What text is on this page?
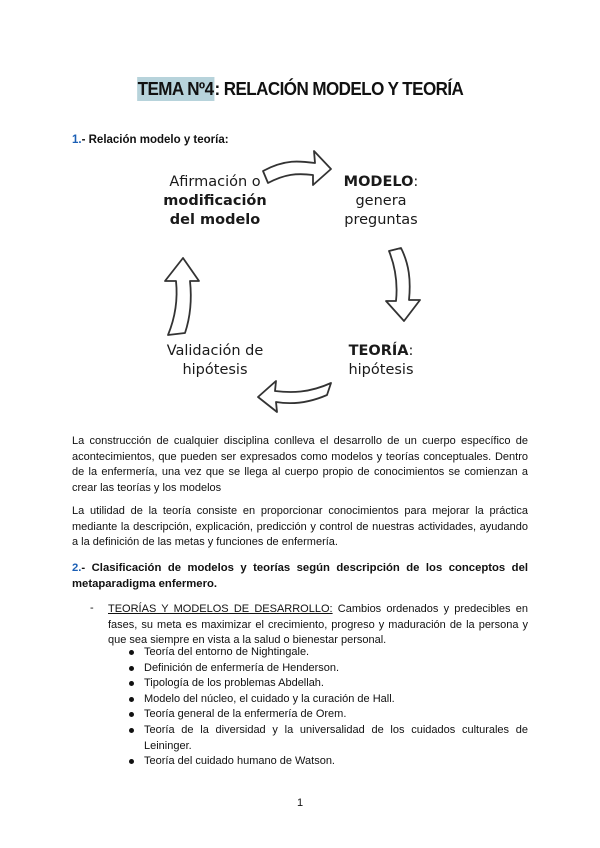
TEMA Nº4: RELACIÓN MODELO Y TEORÍA

1.- Relación modelo y teoría:

Afirmación o
modificación
del modelo
MODELO:
genera
preguntas
TEORÍA:
hipótesis
Validación de
hipótesis

La construcción de cualquier disciplina conlleva el desarrollo de un cuerpo específico de acontecimientos, que pueden ser expresados como modelos y teorías conceptuales. Dentro de la enfermería, una vez que se llega al cuerpo propio de conocimientos se comienzan a crear las teorías y los modelos

La utilidad de la teoría consiste en proporcionar conocimientos para mejorar la práctica mediante la descripción, explicación, predicción y control de nuestras actividades, ayudando a la definición de las metas y funciones de enfermería.

2.- Clasificación de modelos y teorías según descripción de los conceptos del metaparadigma enfermero.

- TEORÍAS Y MODELOS DE DESARROLLO: Cambios ordenados y predecibles en fases, su meta es maximizar el crecimiento, progreso y maduración de la persona y que sea siempre en vista a la salud o bienestar personal.

Teoría del entorno de Nightingale.
Definición de enfermería de Henderson.
Tipología de los problemas Abdellah.
Modelo del núcleo, el cuidado y la curación de Hall.
Teoría general de la enfermería de Orem.
Teoría de la diversidad y la universalidad de los cuidados culturales de Leininger.
Teoría del cuidado humano de Watson.
1
